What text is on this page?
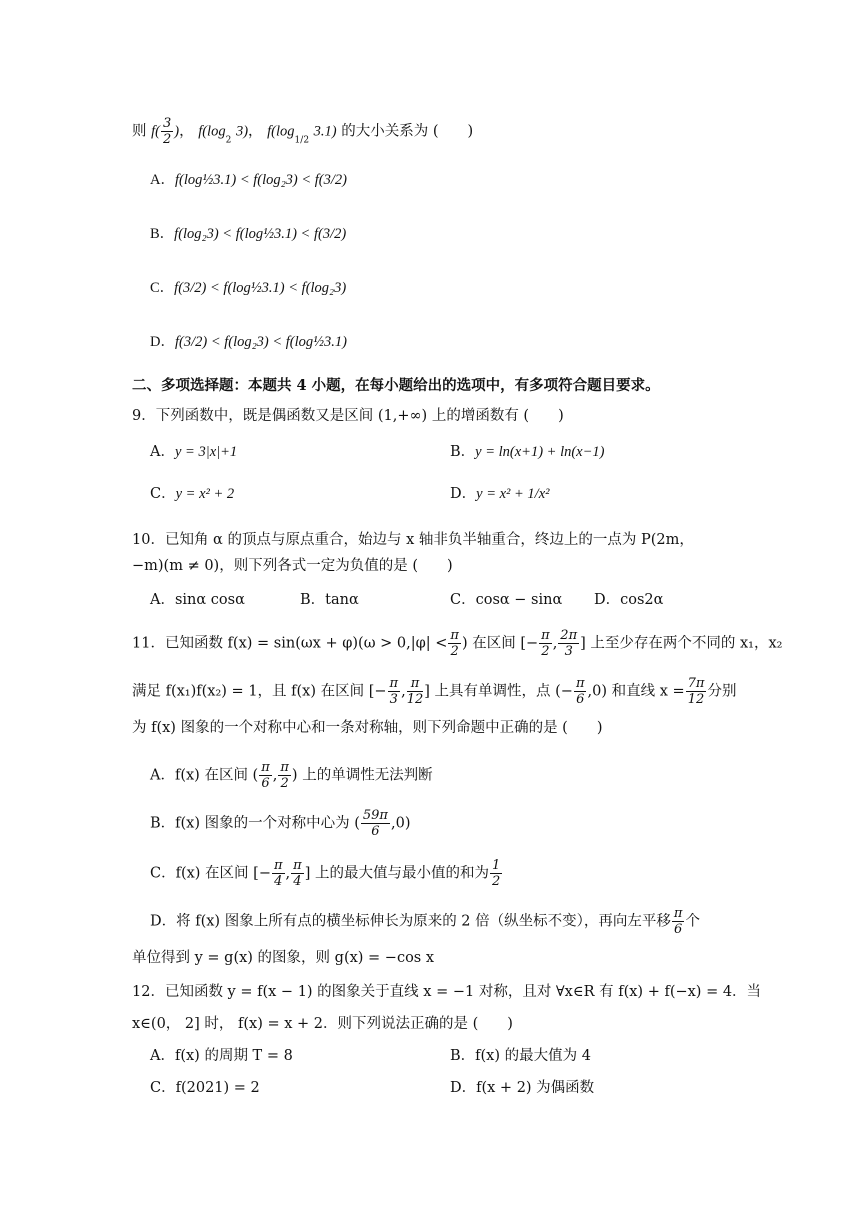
则 $f( \frac{3}{2}$ )， $f(\log_2$ 3)， $f(\log_{1/2}$ 3.1) 的大小关系为 (　　)
A．f(log½3.1) < f(log₂3) < f(3/2)
B．f(log₂3) < f(log½3.1) < f(3/2)
C．f(3/2) < f(log½3.1) < f(log₂3)
D．f(3/2) < f(log₂3) < f(log½3.1)
二、多项选择题：本题共 4 小题，在每小题给出的选项中，有多项符合题目要求。
9．下列函数中，既是偶函数又是区间 (1,+∞) 上的增函数有 (　　)
A．y = 3|x|+1	B．y = ln(x+1) + ln(x−1)
C．y = x² + 2	D．y = x² + 1/x²
10．已知角 α 的顶点与原点重合，始边与 x 轴非负半轴重合，终边上的一点为 P(2m，
−m)(m ≠ 0)，则下列各式一定为负值的是 (　　)
A．sinα cosα	B．tanα	C．cosα − sinα D．cos2α
11．已知函数 $f(x) = \sin(\omega x + \varphi)(\omega > 0,|\varphi| < \frac{\pi}{2}$ ) 在区间 [− $\frac{\pi}{2}$ , $\frac{2\pi}{3}$ ] 上至少存在两个不同的 x₁，x₂
满足 f(x₁)f(x₂) = 1，且 f(x) 在区间 [− $\frac{\pi}{3}$ , $\frac{\pi}{12}$ ] 上具有单调性，点 (− $\frac{\pi}{6} ,0$) 和直线 $x = \frac{7\pi}{12}$ 分别
为 f(x) 图象的一个对称中心和一条对称轴，则下列命题中正确的是 (　　)
A．f(x) 在区间 ( $\frac{\pi}{6}$ , $\frac{\pi}{2}$ ) 上的单调性无法判断
B．f(x) 图象的一个对称中心为 ( $\frac{59\pi}{6} ,0$)
C．f(x) 在区间 [− $\frac{\pi}{4}$ , $\frac{\pi}{4}$ ] 上的最大值与最小值的和为 $\frac{1}{2}$
D．将 f(x) 图象上所有点的横坐标伸长为原来的 2 倍（纵坐标不变），再向左平移 $\frac{\pi}{6}$ 个
单位得到 y = g(x) 的图象，则 g(x) = −cos x
12．已知函数 y = f(x − 1) 的图象关于直线 x = −1 对称，且对 ∀x∈R 有 f(x) + f(−x) = 4．当
x∈(0， 2] 时， f(x) = x + 2．则下列说法正确的是 (　　)
A．f(x) 的周期 T = 8	B．f(x) 的最大值为 4
C．f(2021) = 2	D．f(x + 2) 为偶函数
